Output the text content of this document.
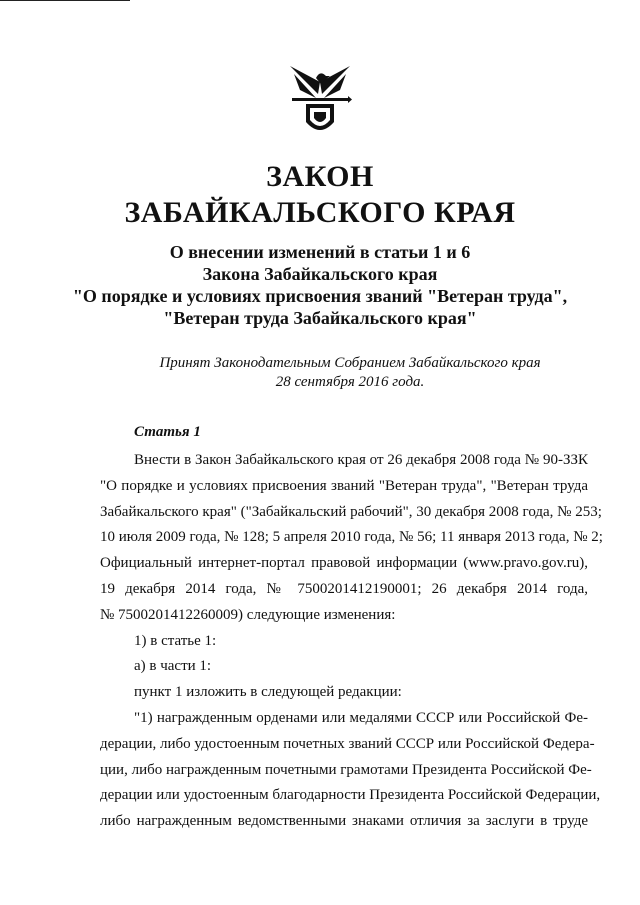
ЗАКОН
ЗАБАЙКАЛЬСКОГО КРАЯ
О внесении изменений в статьи 1 и 6
Закона Забайкальского края
"О порядке и условиях присвоения званий "Ветеран труда",
"Ветеран труда Забайкальского края"
Принят Законодательным Собранием Забайкальского края
28 сентября 2016 года.
Статья 1
Внести в Закон Забайкальского края от 26 декабря 2008 года № 90-ЗЗК
"О порядке и условиях присвоения званий "Ветеран труда", "Ветеран труда
Забайкальского края" ("Забайкальский рабочий", 30 декабря 2008 года, № 253;
10 июля 2009 года, № 128; 5 апреля 2010 года, № 56; 11 января 2013 года, № 2;
Официальный интернет-портал правовой информации (www.pravo.gov.ru),
19 декабря 2014 года, № 7500201412190001; 26 декабря 2014 года,
№ 7500201412260009) следующие изменения:
1) в статье 1:
а) в части 1:
пункт 1 изложить в следующей редакции:
"1) награжденным орденами или медалями СССР или Российской Фе-
дерации, либо удостоенным почетных званий СССР или Российской Федера-
ции, либо награжденным почетными грамотами Президента Российской Фе-
дерации или удостоенным благодарности Президента Российской Федерации,
либо награжденным ведомственными знаками отличия за заслуги в труде
